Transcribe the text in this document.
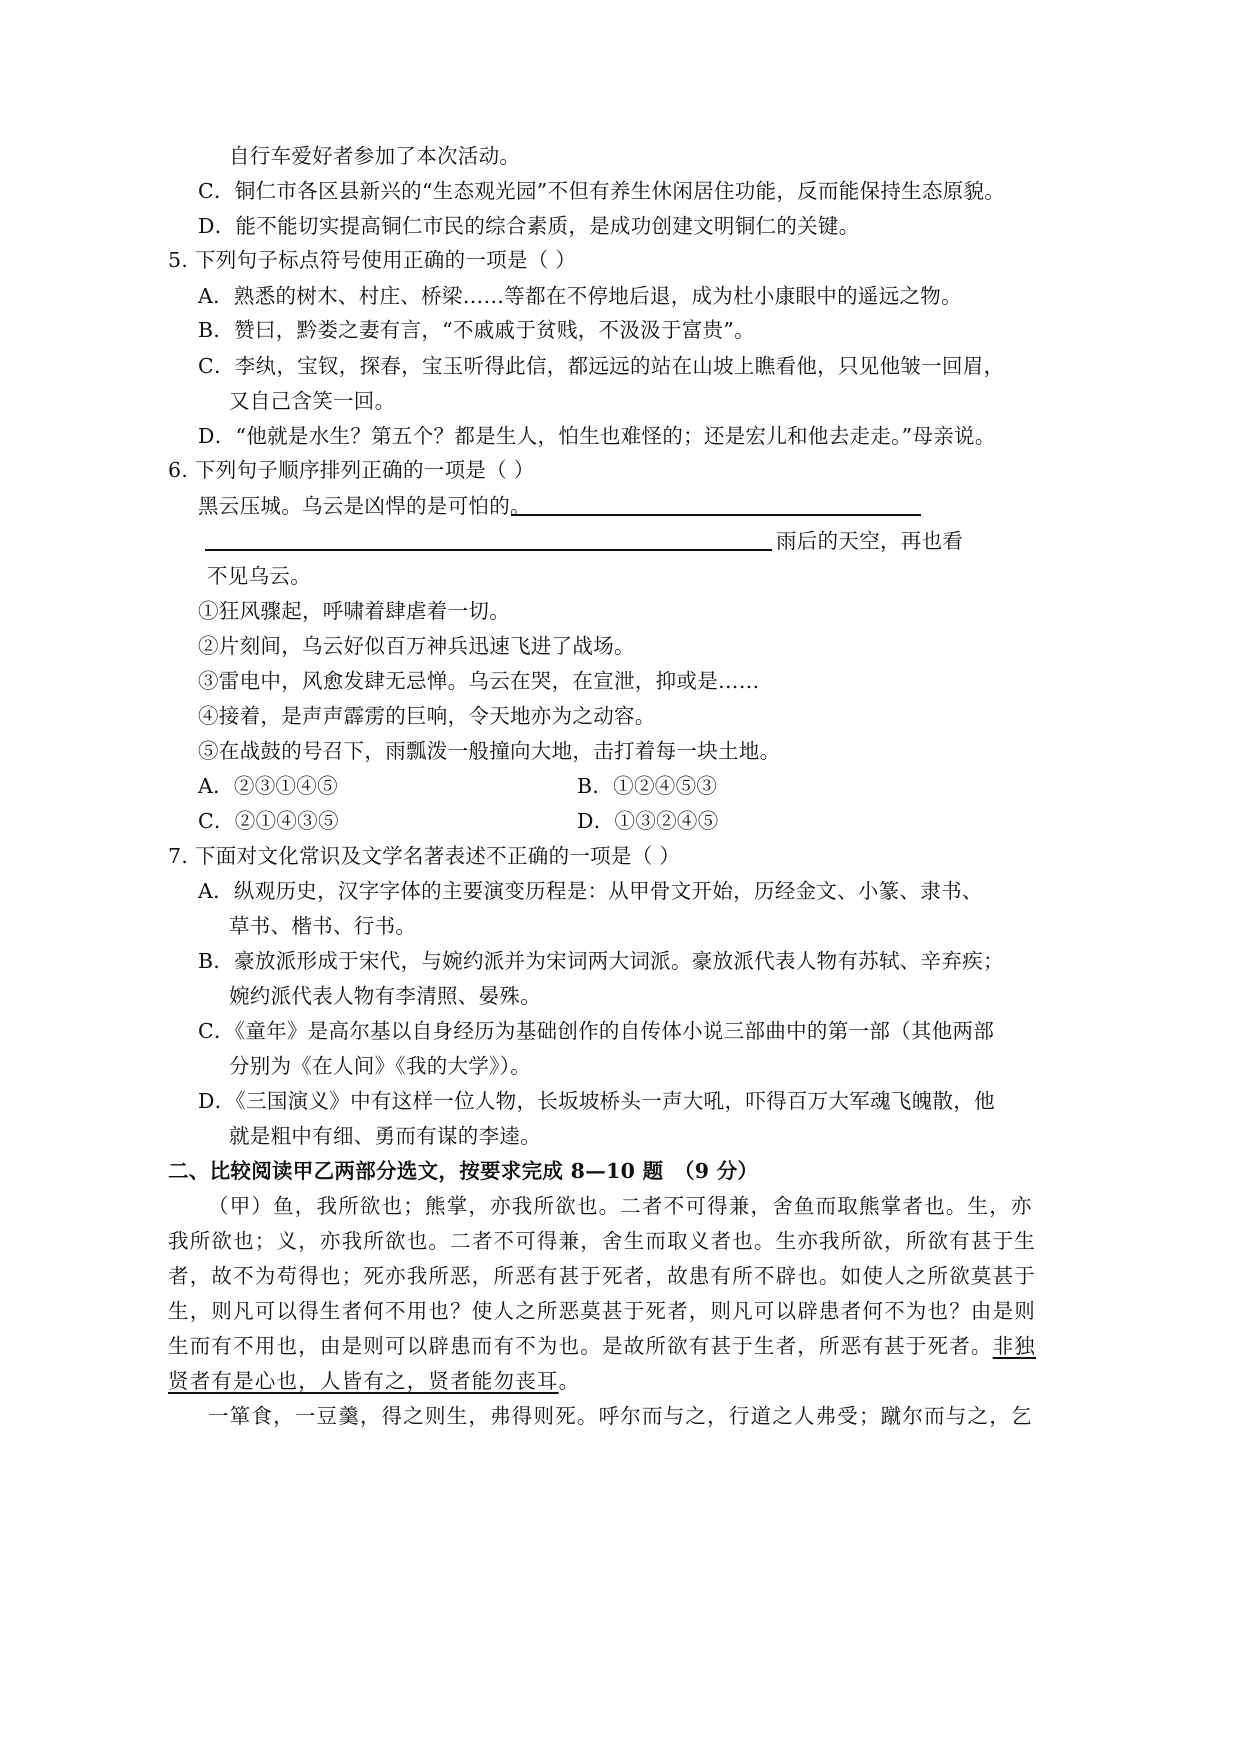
自行车爱好者参加了本次活动。
C．铜仁市各区县新兴的“生态观光园”不但有养生休闲居住功能，反而能保持生态原貌。
D．能不能切实提高铜仁市民的综合素质，是成功创建文明铜仁的关键。
5. 下列句子标点符号使用正确的一项是（ ）
A．熟悉的树木、村庄、桥梁……等都在不停地后退，成为杜小康眼中的遥远之物。
B．赞曰，黔娄之妻有言，“不戚戚于贫贱，不汲汲于富贵”。
C．李纨，宝钗，探春，宝玉听得此信，都远远的站在山坡上瞧看他，只见他皱一回眉，
又自己含笑一回。
D．“他就是水生？第五个？都是生人，怕生也难怪的；还是宏儿和他去走走。”母亲说。
6. 下列句子顺序排列正确的一项是（ ）
黑云压城。乌云是凶悍的是可怕的。
雨后的天空，再也看
不见乌云。
①狂风骤起，呼啸着肆虐着一切。
②片刻间，乌云好似百万神兵迅速飞进了战场。
③雷电中，风愈发肆无忌惮。乌云在哭，在宣泄，抑或是……
④接着，是声声霹雳的巨响，令天地亦为之动容。
⑤在战鼓的号召下，雨瓢泼一般撞向大地，击打着每一块土地。
A．②③①④⑤	B．①②④⑤③
C．②①④③⑤	D．①③②④⑤
7. 下面对文化常识及文学名著表述不正确的一项是（ ）
A．纵观历史，汉字字体的主要演变历程是：从甲骨文开始，历经金文、小篆、隶书、
草书、楷书、行书。
B．豪放派形成于宋代，与婉约派并为宋词两大词派。豪放派代表人物有苏轼、辛弃疾；
婉约派代表人物有李清照、晏殊。
C．《童年》是高尔基以自身经历为基础创作的自传体小说三部曲中的第一部（其他两部
分别为《在人间》《我的大学》）。
D．《三国演义》中有这样一位人物，长坂坡桥头一声大吼，吓得百万大军魂飞魄散，他
就是粗中有细、勇而有谋的李逵。
二、比较阅读甲乙两部分选文，按要求完成 8—10 题　（9 分）
（甲）鱼，我所欲也；熊掌，亦我所欲也。二者不可得兼，舍鱼而取熊掌者也。生，亦
我所欲也；义，亦我所欲也。二者不可得兼，舍生而取义者也。生亦我所欲，所欲有甚于生
者，故不为苟得也；死亦我所恶，所恶有甚于死者，故患有所不辟也。如使人之所欲莫甚于
生，则凡可以得生者何不用也？使人之所恶莫甚于死者，则凡可以辟患者何不为也？由是则
生而有不用也，由是则可以辟患而有不为也。是故所欲有甚于生者，所恶有甚于死者。非独
贤者有是心也，人皆有之，贤者能勿丧耳。
一箪食，一豆羹，得之则生，弗得则死。呼尔而与之，行道之人弗受；蹴尔而与之，乞
